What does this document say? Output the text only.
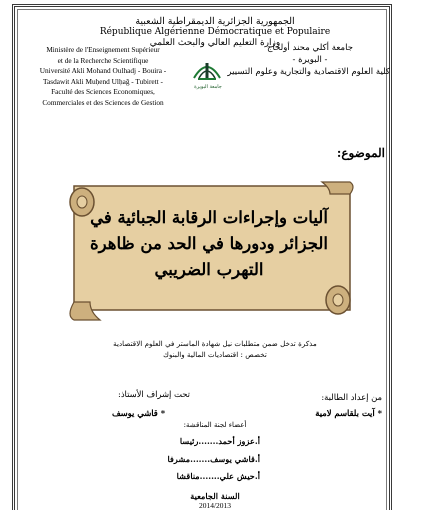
الجمهورية الجزائرية الديمقراطية الشعبية
République Algérienne Démocratique et Populaire
وزارة التعليم العالي والبحث العلمي
Ministère de l'Enseignement Supérieur
et de la Recherche Scientifique
Université Akli Mohand Oulhadj - Bouira -
Tasdawit Akli Muḥend Ulḥağ - Tubirett -
Faculté des Sciences Economiques,
Commerciales et des Sciences de Gestion
جامعة أكلي محند أولحاج
- البويرة -
كلية العلوم الاقتصادية والتجارية وعلوم التسيير
جامعة البويرة
الموضوع:
آليات وإجراءات الرقابة الجبائية في
الجزائر ودورها في الحد من ظاهرة
التهرب الضريبي
مذكرة تدخل ضمن متطلبات نيل شهادة الماستر في العلوم الاقتصادية
تخصص : اقتصاديات المالية والبنوك
من إعداد الطالبة:
* آيت بلقاسم لامية
تحت إشراف الأستاذ:
* قاشي يوسف
أعضاء لجنة المناقشة:
أ.عزوز أحمد.......رئيسا
أ.قاشي يوسف.......مشرفا
أ.حيش علي.......مناقشا
السنة الجامعية
2014/2013
